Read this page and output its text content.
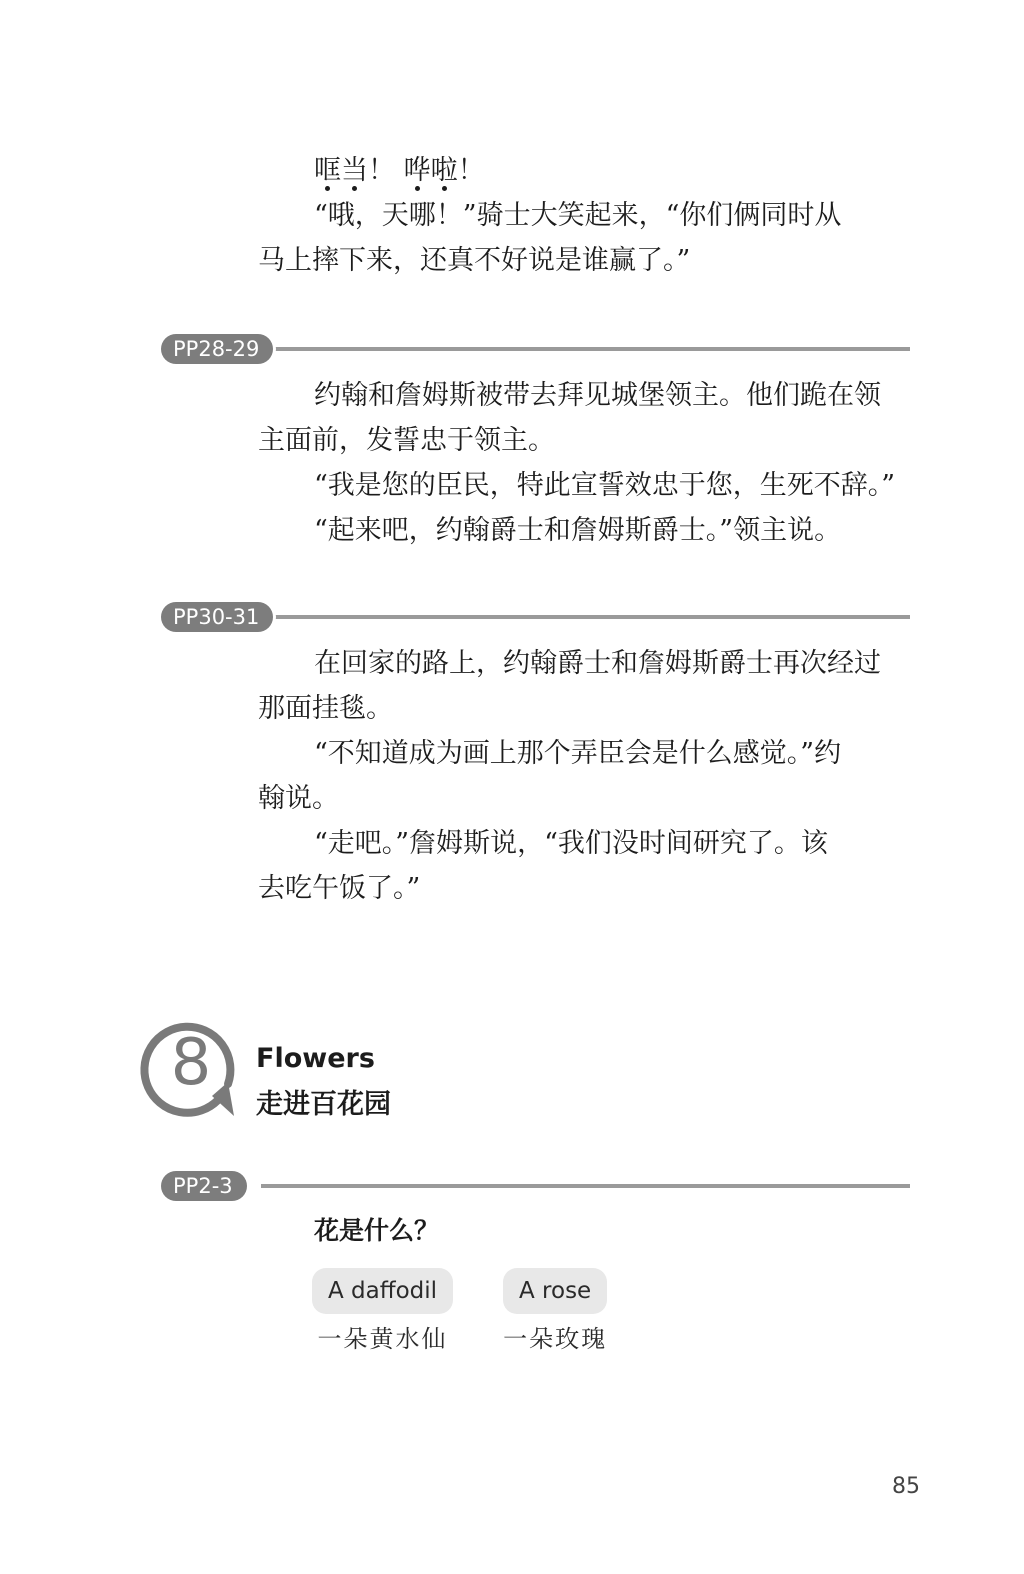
哐当
！ 哗啦
！
“哦，天哪！”骑士大笑起来，“你们俩同时从
马上摔下来，还真不好说是谁赢了。”
PP28-29
约翰和詹姆斯被带去拜见城堡领主。他们跪在领
主面前，发誓忠于领主。
“我是您的臣民，特此宣誓效忠于您，生死不辞。”
“起来吧，约翰爵士和詹姆斯爵士。”领主说。
PP30-31
在回家的路上，约翰爵士和詹姆斯爵士再次经过
那面挂毯。
“不知道成为画上那个弄臣会是什么感觉。”约
翰说。
“走吧。”詹姆斯说，“我们没时间研究了。该
去吃午饭了。”
8 Flowers
走进百花园
PP2-3
花是什么？
A daffodil
一朵黄水仙
A rose
一朵玫瑰
85
